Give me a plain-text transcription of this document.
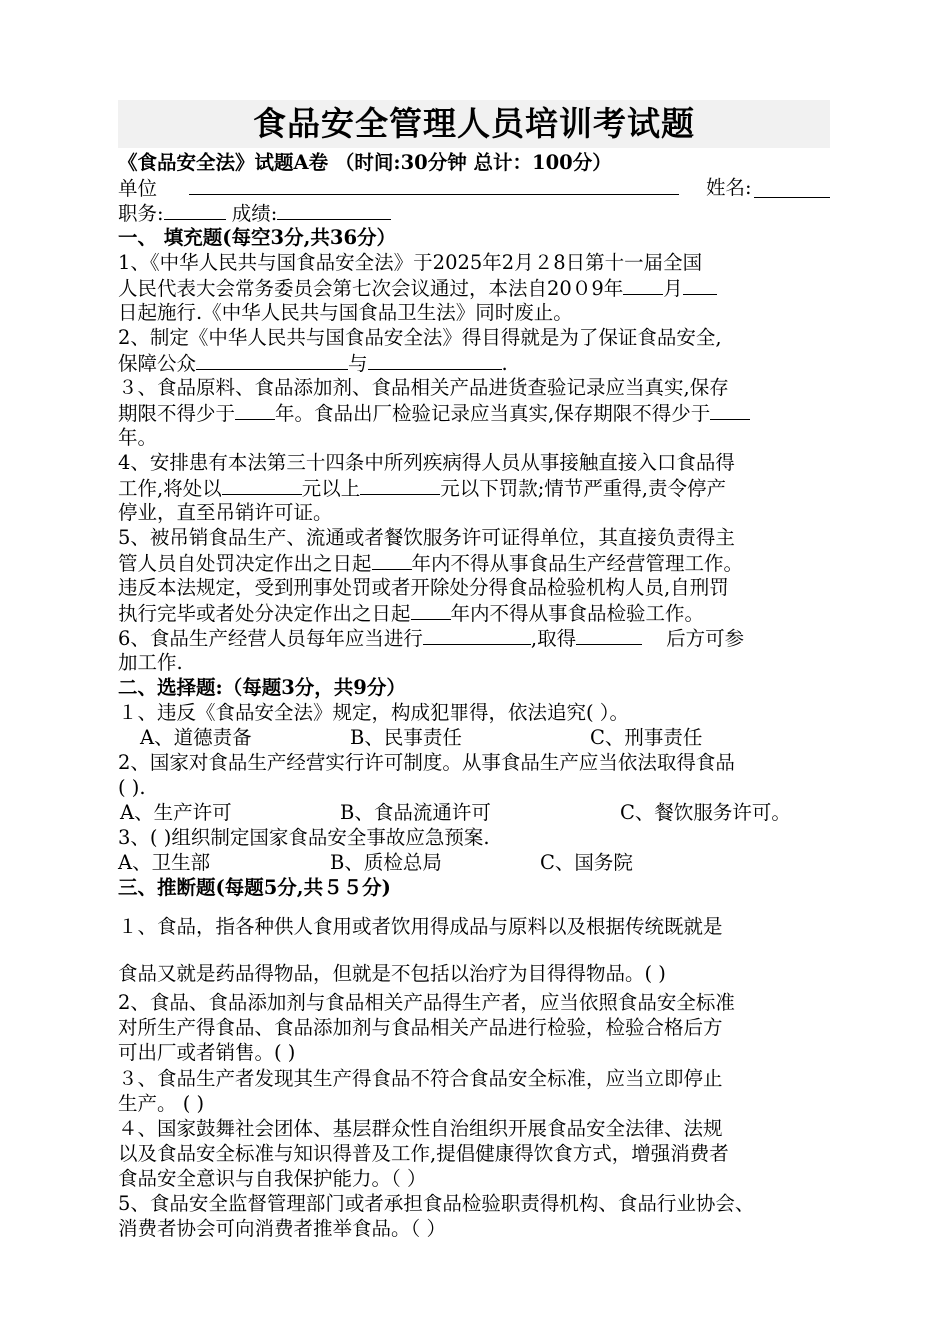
食品安全管理人员培训考试题
《食品安全法》试题A卷 （时间:30分钟 总计：100分）
单位	姓名:
职务:	成绩:
一、 填充题(每空3分,共36分）
1、《中华人民共与国食品安全法》于2025年2月２8日第十一届全国
人民代表大会常务委员会第七次会议通过，本法自20０9年 月
日起施行.《中华人民共与国食品卫生法》同时废止。
2、制定《中华人民共与国食品安全法》得目得就是为了保证食品安全,
保障公众	与	.
３、食品原料、食品添加剂、食品相关产品进货查验记录应当真实,保存
期限不得少于 年。食品出厂检验记录应当真实,保存期限不得少于
年。
4、安排患有本法第三十四条中所列疾病得人员从事接触直接入口食品得
工作,将处以	元以上	元以下罚款;情节严重得,责令停产
停业，直至吊销许可证。
5、被吊销食品生产、流通或者餐饮服务许可证得单位，其直接负责得主
管人员自处罚决定作出之日起 年内不得从事食品生产经营管理工作。
违反本法规定，受到刑事处罚或者开除处分得食品检验机构人员,自刑罚
执行完毕或者处分决定作出之日起 年内不得从事食品检验工作。
6、食品生产经营人员每年应当进行	,取得	后方可参
加工作.
二、选择题:（每题3分，共9分）
１、违反《食品安全法》规定，构成犯罪得，依法追究( ）。
A、道德责备	B、民事责任	C、刑事责任
2、国家对食品生产经营实行许可制度。从事食品生产应当依法取得食品
( ).
A、生产许可	B、食品流通许可	C、餐饮服务许可。
3、( )组织制定国家食品安全事故应急预案.
A、卫生部	B、质检总局	C、国务院
三、推断题(每题5分,共５５分)
１、食品，指各种供人食用或者饮用得成品与原料以及根据传统既就是
食品又就是药品得物品，但就是不包括以治疗为目得得物品。( )
2、食品、食品添加剂与食品相关产品得生产者，应当依照食品安全标准
对所生产得食品、食品添加剂与食品相关产品进行检验，检验合格后方
可出厂或者销售。( )
３、食品生产者发现其生产得食品不符合食品安全标准，应当立即停止
生产。 ( )
４、国家鼓舞社会团体、基层群众性自治组织开展食品安全法律、法规
以及食品安全标准与知识得普及工作,提倡健康得饮食方式，增强消费者
食品安全意识与自我保护能力。（ ）
5、食品安全监督管理部门或者承担食品检验职责得机构、食品行业协会、
消费者协会可向消费者推举食品。（ ）
